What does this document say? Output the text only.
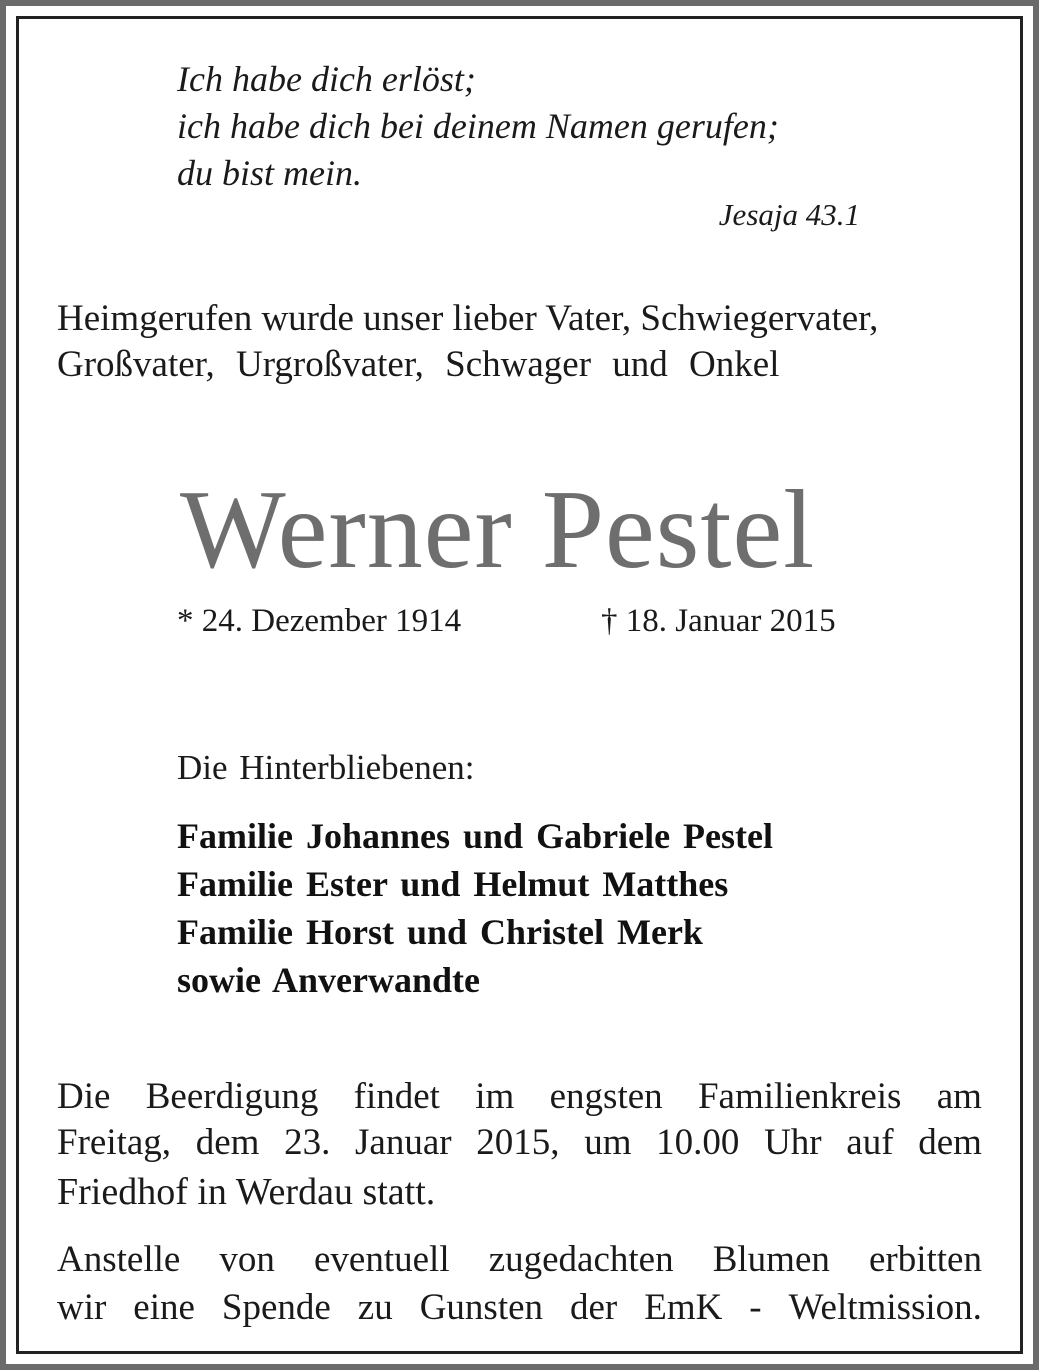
Ich habe dich erlöst;
ich habe dich bei deinem Namen gerufen;
du bist mein.
Jesaja 43.1
Heimgerufen wurde unser lieber Vater, Schwiegervater,
Großvater, Urgroßvater, Schwager und Onkel
Werner Pestel
* 24. Dezember 1914	† 18. Januar 2015
Die Hinterbliebenen:
Familie Johannes und Gabriele Pestel
Familie Ester und Helmut Matthes
Familie Horst und Christel Merk
sowie Anverwandte
Die Beerdigung findet im engsten Familienkreis am
Freitag, dem 23. Januar 2015, um 10.00 Uhr auf dem
Friedhof in Werdau statt.
Anstelle von eventuell zugedachten Blumen erbitten
wir eine Spende zu Gunsten der EmK - Weltmission.
